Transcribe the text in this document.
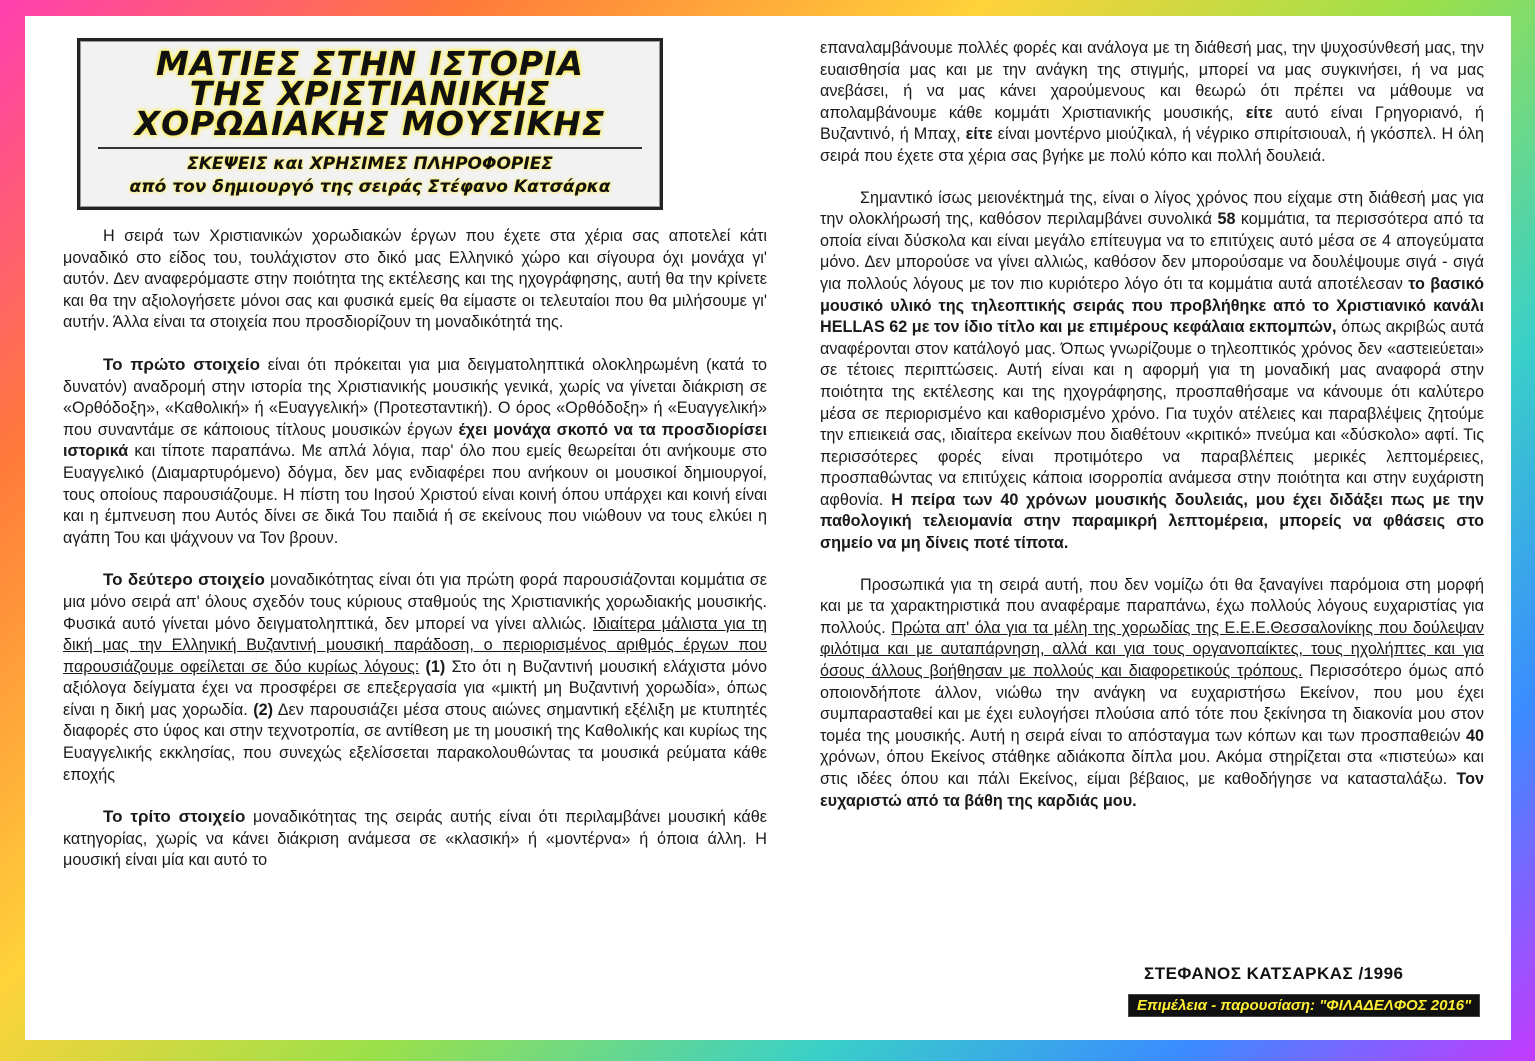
ΜΑΤΙΕΣ ΣΤΗΝ ΙΣΤΟΡΙΑ
ΤΗΣ ΧΡΙΣΤΙΑΝΙΚΗΣ
ΧΟΡΩΔΙΑΚΗΣ ΜΟΥΣΙΚΗΣ
ΣΚΕΨΕΙΣ και ΧΡΗΣΙΜΕΣ ΠΛΗΡΟΦΟΡΙΕΣ
από τον δημιουργό της σειράς Στέφανο Κατσάρκα

Η σειρά των Χριστιανικών χορωδιακών έργων που έχετε στα χέρια σας αποτελεί κάτι μοναδικό στο είδος του, τουλάχιστον στο δικό μας Ελληνικό χώρο και σίγουρα όχι μονάχα γι' αυτόν. Δεν αναφερόμαστε στην ποιότητα της εκτέλεσης και της ηχογράφησης, αυτή θα την κρίνετε και θα την αξιολογήσετε μόνοι σας και φυσικά εμείς θα είμαστε οι τελευταίοι που θα μιλήσουμε γι' αυτήν. Άλλα είναι τα στοιχεία που προσδιορίζουν τη μοναδικότητά της.

Το πρώτο στοιχείο είναι ότι πρόκειται για μια δειγματοληπτικά ολοκληρωμένη (κατά το δυνατόν) αναδρομή στην ιστορία της Χριστιανικής μουσικής γενικά, χωρίς να γίνεται διάκριση σε «Ορθόδοξη», «Καθολική» ή «Ευαγγελική» (Προτεσταντική). Ο όρος «Ορθόδοξη» ή «Ευαγγελική» που συναντάμε σε κάποιους τίτλους μουσικών έργων έχει μονάχα σκοπό να τα προσδιορίσει ιστορικά και τίποτε παραπάνω. Με απλά λόγια, παρ' όλο που εμείς θεωρείται ότι ανήκουμε στο Ευαγγελικό (Διαμαρτυρόμενο) δόγμα, δεν μας ενδιαφέρει που ανήκουν οι μουσικοί δημιουργοί, τους οποίους παρουσιάζουμε. Η πίστη του Ιησού Χριστού είναι κοινή όπου υπάρχει και κοινή είναι και η έμπνευση που Αυτός δίνει σε δικά Του παιδιά ή σε εκείνους που νιώθουν να τους ελκύει η αγάπη Του και ψάχνουν να Τον βρουν.

Το δεύτερο στοιχείο μοναδικότητας είναι ότι για πρώτη φορά παρουσιάζονται κομμάτια σε μια μόνο σειρά απ' όλους σχεδόν τους κύριους σταθμούς της Χριστιανικής χορωδιακής μουσικής. Φυσικά αυτό γίνεται μόνο δειγματοληπτικά, δεν μπορεί να γίνει αλλιώς. Ιδιαίτερα μάλιστα για τη δική μας την Ελληνική Βυζαντινή μουσική παράδοση, ο περιορισμένος αριθμός έργων που παρουσιάζουμε οφείλεται σε δύο κυρίως λόγους: (1) Στο ότι η Βυζαντινή μουσική ελάχιστα μόνο αξιόλογα δείγματα έχει να προσφέρει σε επεξεργασία για «μικτή μη Βυζαντινή χορωδία», όπως είναι η δική μας χορωδία. (2) Δεν παρουσιάζει μέσα στους αιώνες σημαντική εξέλιξη με κτυπητές διαφορές στο ύφος και στην τεχνοτροπία, σε αντίθεση με τη μουσική της Καθολικής και κυρίως της Ευαγγελικής εκκλησίας, που συνεχώς εξελίσσεται παρακολουθώντας τα μουσικά ρεύματα κάθε εποχής

Το τρίτο στοιχείο μοναδικότητας της σειράς αυτής είναι ότι περιλαμβάνει μουσική κάθε κατηγορίας, χωρίς να κάνει διάκριση ανάμεσα σε «κλασική» ή «μοντέρνα» ή όποια άλλη. Η μουσική είναι μία και αυτό το

επαναλαμβάνουμε πολλές φορές και ανάλογα με τη διάθεσή μας, την ψυχοσύνθεσή μας, την ευαισθησία μας και με την ανάγκη της στιγμής, μπορεί να μας συγκινήσει, ή να μας ανεβάσει, ή να μας κάνει χαρούμενους και θεωρώ ότι πρέπει να μάθουμε να απολαμβάνουμε κάθε κομμάτι Χριστιανικής μουσικής, είτε αυτό είναι Γρηγοριανό, ή Βυζαντινό, ή Μπαχ, είτε είναι μοντέρνο μιούζικαλ, ή νέγρικο σπιρίτσιουαλ, ή γκόσπελ. Η όλη σειρά που έχετε στα χέρια σας βγήκε με πολύ κόπο και πολλή δουλειά.

Σημαντικό ίσως μειονέκτημά της, είναι ο λίγος χρόνος που είχαμε στη διάθεσή μας για την ολοκλήρωσή της, καθόσον περιλαμβάνει συνολικά 58 κομμάτια, τα περισσότερα από τα οποία είναι δύσκολα και είναι μεγάλο επίτευγμα να το επιτύχεις αυτό μέσα σε 4 απογεύματα μόνο. Δεν μπορούσε να γίνει αλλιώς, καθόσον δεν μπορούσαμε να δουλέψουμε σιγά - σιγά για πολλούς λόγους με τον πιο κυριότερο λόγο ότι τα κομμάτια αυτά αποτέλεσαν το βασικό μουσικό υλικό της τηλεοπτικής σειράς που προβλήθηκε από το Χριστιανικό κανάλι HELLAS 62 με τον ίδιο τίτλο και με επιμέρους κεφάλαια εκπομπών, όπως ακριβώς αυτά αναφέρονται στον κατάλογό μας. Όπως γνωρίζουμε ο τηλεοπτικός χρόνος δεν «αστειεύεται» σε τέτοιες περιπτώσεις. Αυτή είναι και η αφορμή για τη μοναδική μας αναφορά στην ποιότητα της εκτέλεσης και της ηχογράφησης, προσπαθήσαμε να κάνουμε ότι καλύτερο μέσα σε περιορισμένο και καθορισμένο χρόνο. Για τυχόν ατέλειες και παραβλέψεις ζητούμε την επιεικειά σας, ιδιαίτερα εκείνων που διαθέτουν «κριτικό» πνεύμα και «δύσκολο» αφτί. Τις περισσότερες φορές είναι προτιμότερο να παραβλέπεις μερικές λεπτομέρειες, προσπαθώντας να επιτύχεις κάποια ισορροπία ανάμεσα στην ποιότητα και στην ευχάριστη αφθονία. Η πείρα των 40 χρόνων μουσικής δουλειάς, μου έχει διδάξει πως με την παθολογική τελειομανία στην παραμικρή λεπτομέρεια, μπορείς να φθάσεις στο σημείο να μη δίνεις ποτέ τίποτα.

Προσωπικά για τη σειρά αυτή, που δεν νομίζω ότι θα ξαναγίνει παρόμοια στη μορφή και με τα χαρακτηριστικά που αναφέραμε παραπάνω, έχω πολλούς λόγους ευχαριστίας για πολλούς. Πρώτα απ' όλα για τα μέλη της χορωδίας της Ε.Ε.Ε.Θεσσαλονίκης που δούλεψαν φιλότιμα και με αυταπάρνηση, αλλά και για τους οργανοπαίκτες, τους ηχολήπτες και για όσους άλλους βοήθησαν με πολλούς και διαφορετικούς τρόπους. Περισσότερο όμως από οποιονδήποτε άλλον, νιώθω την ανάγκη να ευχαριστήσω Εκείνον, που μου έχει συμπαρασταθεί και με έχει ευλογήσει πλούσια από τότε που ξεκίνησα τη διακονία μου στον τομέα της μουσικής. Αυτή η σειρά είναι το απόσταγμα των κόπων και των προσπαθειών 40 χρόνων, όπου Εκείνος στάθηκε αδιάκοπα δίπλα μου. Ακόμα στηρίζεται στα «πιστεύω» και στις ιδέες όπου και πάλι Εκείνος, είμαι βέβαιος, με καθοδήγησε να κατασταλάξω. Τον ευχαριστώ από τα βάθη της καρδιάς μου.

ΣΤΕΦΑΝΟΣ ΚΑΤΣΑΡΚΑΣ /1996
Επιμέλεια - παρουσίαση: "ΦΙΛΑΔΕΛΦΟΣ 2016"
